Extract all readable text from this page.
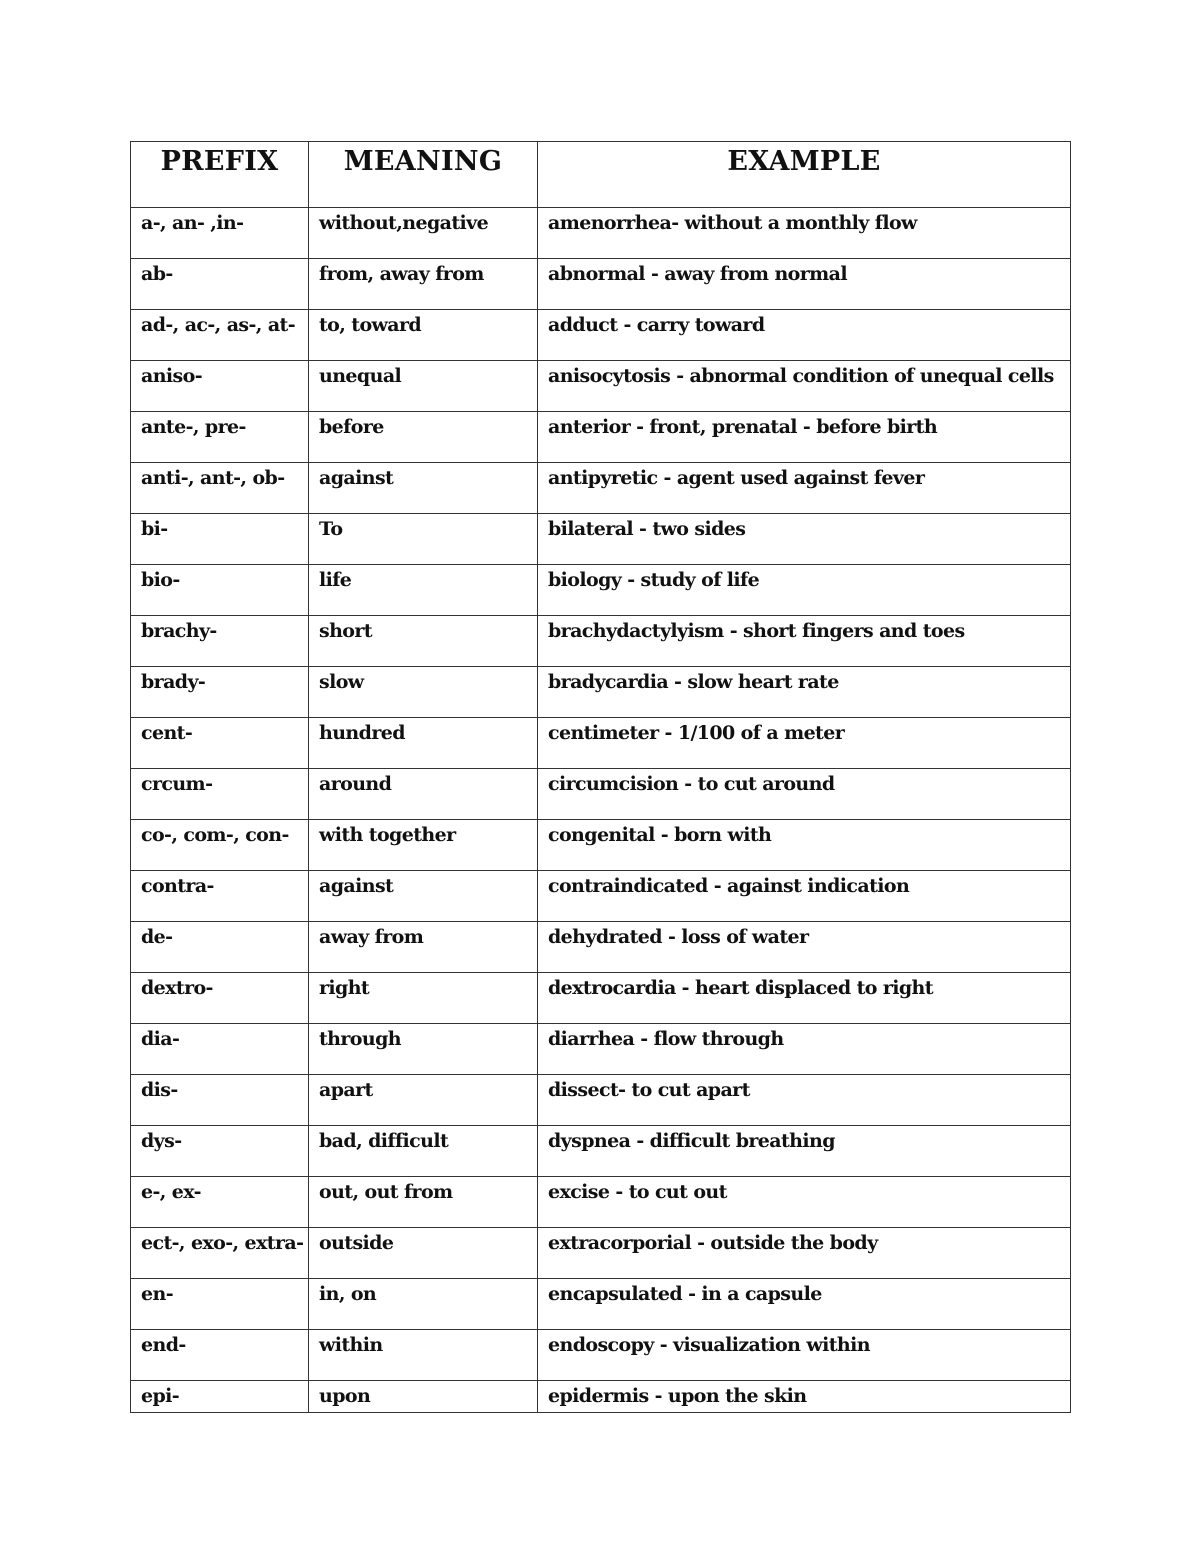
PREFIX	MEANING	EXAMPLE
a-, an- ,in-	without,negative	amenorrhea- without a monthly flow
ab-	from, away from	abnormal - away from normal
ad-, ac-, as-, at-	to, toward	adduct - carry toward
aniso-	unequal	anisocytosis - abnormal condition of unequal cells
ante-, pre-	before	anterior - front, prenatal - before birth
anti-, ant-, ob-	against	antipyretic - agent used against fever
bi-	To	bilateral - two sides
bio-	life	biology - study of life
brachy-	short	brachydactylyism - short fingers and toes
brady-	slow	bradycardia - slow heart rate
cent-	hundred	centimeter - 1/100 of a meter
crcum-	around	circumcision - to cut around
co-, com-, con-	with together	congenital - born with
contra-	against	contraindicated - against indication
de-	away from	dehydrated - loss of water
dextro-	right	dextrocardia - heart displaced to right
dia-	through	diarrhea - flow through
dis-	apart	dissect- to cut apart
dys-	bad, difficult	dyspnea - difficult breathing
e-, ex-	out, out from	excise - to cut out
ect-, exo-, extra-	outside	extracorporial - outside the body
en-	in, on	encapsulated - in a capsule
end-	within	endoscopy - visualization within
epi-	upon	epidermis - upon the skin
